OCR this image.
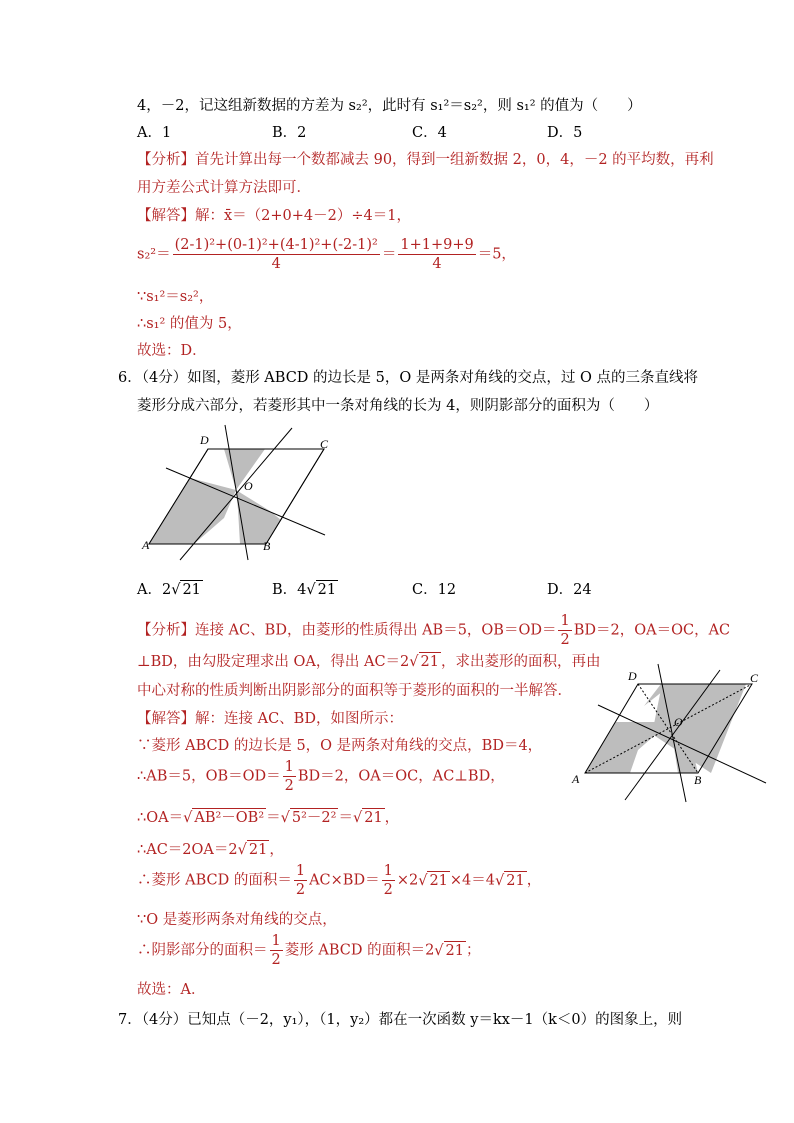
4，－2，记这组新数据的方差为 s₂²，此时有 s₁²＝s₂²，则 s₁² 的值为（　　）
A．1	B．2	C．4	D．5
【分析】首先计算出每一个数都减去 90，得到一组新数据 2，0，4，－2 的平均数，再利
用方差公式计算方法即可．
【解答】解：x̄＝（2+0+4－2）÷4＝1，
$s_2^2= \frac{\text{(2-1)²+(0-1)²+(4-1)²+(-2-1)²}}{4} = \frac{1+1+9+9}{4} =5$，
∵s₁²＝s₂²，
∴s₁² 的值为 5，
故选：D．
6．（4分）如图，菱形 ABCD 的边长是 5，O 是两条对角线的交点，过 O 点的三条直线将
菱形分成六部分，若菱形其中一条对角线的长为 4，则阴影部分的面积为（　　）
D	C
A	B
O
A．2√ 21	B．4√ 21	C．12	D．24
【分析】连接 AC、BD，由菱形的性质得出 AB＝5，$OB=OD= \frac{1}{2} BD=2$，OA＝OC，AC
⊥BD，由勾股定理求出 OA，得出 AC＝2√ 21 ，求出菱形的面积，再由
中心对称的性质判断出阴影部分的面积等于菱形的面积的一半解答．
D	C
A	B
O
【解答】解：连接 AC、BD，如图所示：
∵菱形 ABCD 的边长是 5，O 是两条对角线的交点，BD＝4，
∴AB＝5，$OB=OD= \frac{1}{2} BD=2$，OA＝OC，AC⊥BD，
∴OA＝√ AB²－OB² ＝√ 5²－2² ＝√ 21 ，
∴AC＝2OA＝2√ 21 ，
∴菱形 ABCD 的面积＝ $\frac{1}{2} AC\times BD= \frac{1}{2} \times 2√$ 21 ×4＝4√ 21 ，
∵O 是菱形两条对角线的交点，
∴阴影部分的面积＝ $\frac{1}{2}$ 菱形 ABCD 的面积＝2√ 21 ；
故选：A．
7．（4分）已知点（－2，y₁），（1，y₂）都在一次函数 y＝kx－1（k＜0）的图象上，则
